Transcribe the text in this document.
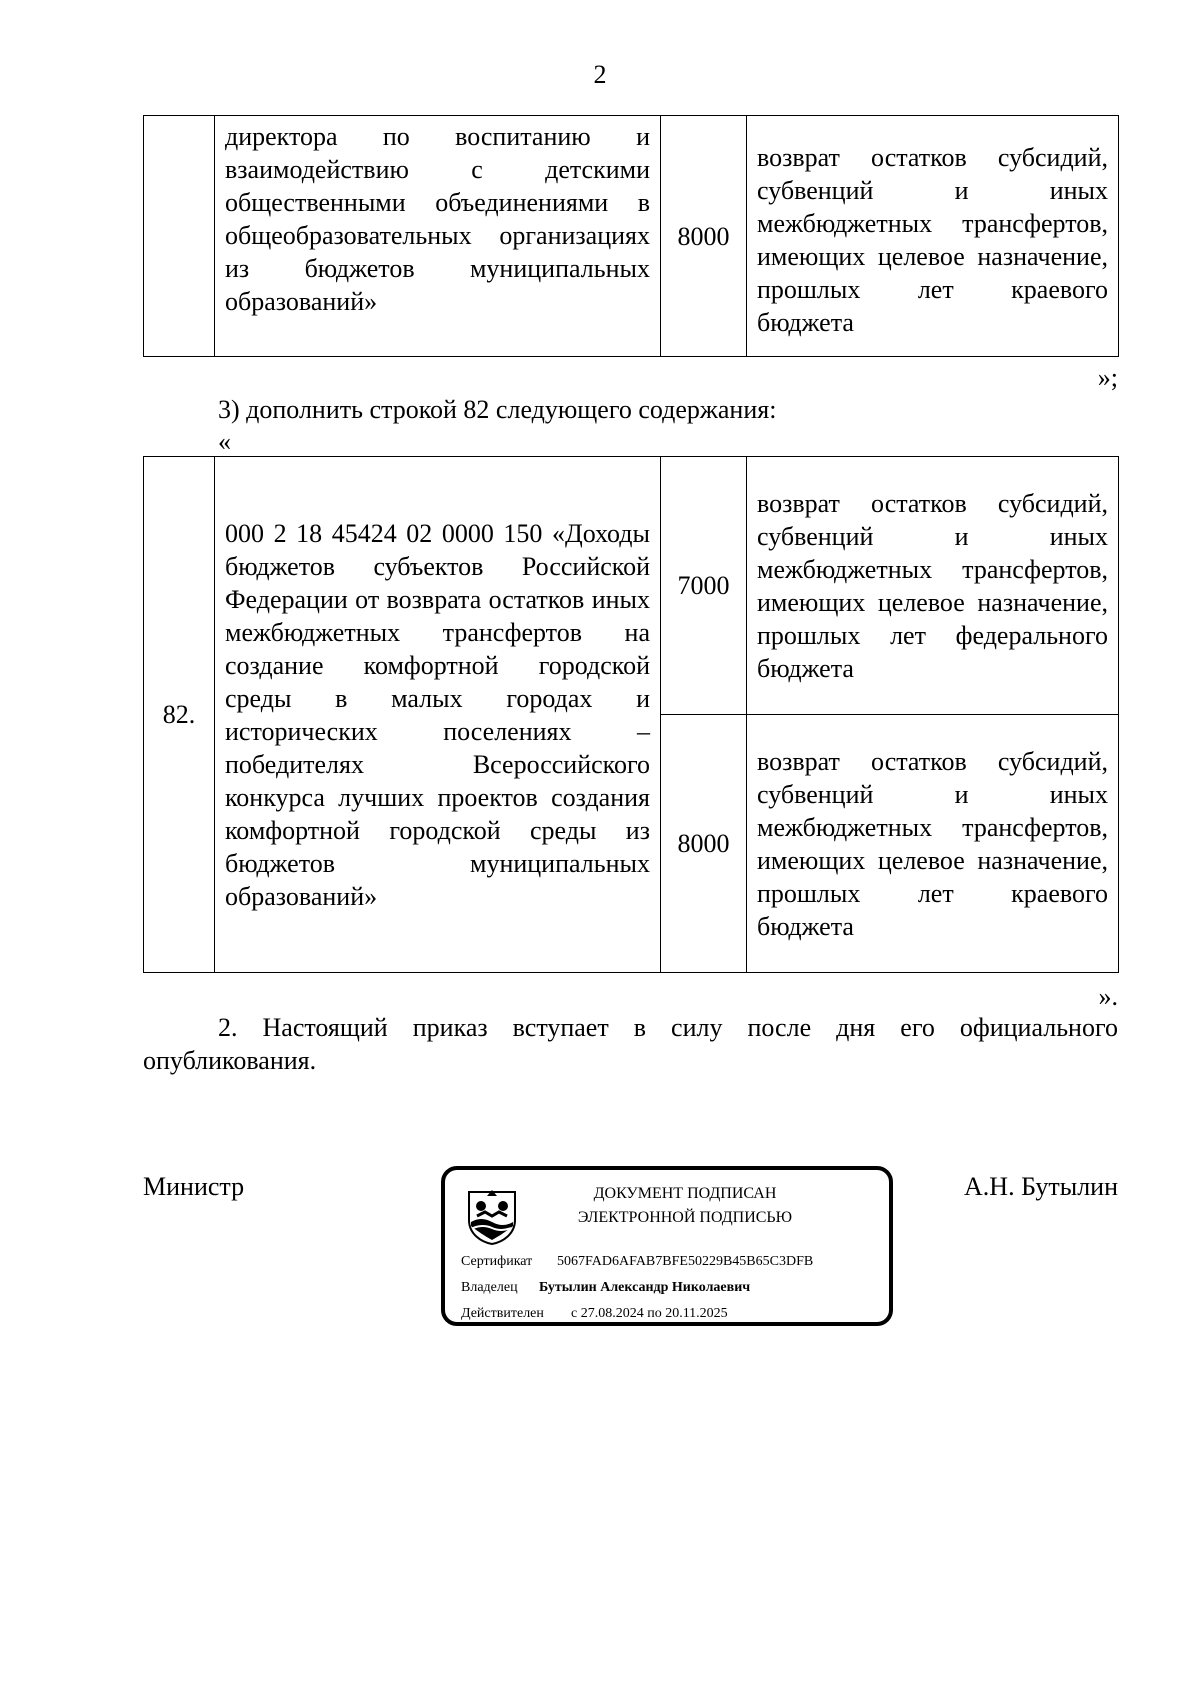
2
	директора по воспитанию и взаимодействию с детскими общественными объединениями в общеобразовательных организациях из бюджетов муниципальных образований»	8000	возврат остатков субсидий, субвенций и иных межбюджетных трансфертов, имеющих целевое назначение, прошлых лет краевого бюджета
»;
3) дополнить строкой 82 следующего содержания:
«
82.	000 2 18 45424 02 0000 150 «Доходы бюджетов субъектов Российской Федерации от возврата остатков иных межбюджетных трансфертов на создание комфортной городской среды в малых городах и исторических поселениях – победителях Всероссийского конкурса лучших проектов создания комфортной городской среды из бюджетов муниципальных образований»	7000	возврат остатков субсидий, субвенций и иных межбюджетных трансфертов, имеющих целевое назначение, прошлых лет федерального бюджета
		8000	возврат остатков субсидий, субвенций и иных межбюджетных трансфертов, имеющих целевое назначение, прошлых лет краевого бюджета
».
2. Настоящий приказ вступает в силу после дня его официального опубликования.
Министр	А.Н. Бутылин
ДОКУМЕНТ ПОДПИСАН
ЭЛЕКТРОННОЙ ПОДПИСЬЮ
Сертификат 5067FAD6AFAB7BFE50229B45B65C3DFB
Владелец Бутылин Александр Николаевич
Действителен с 27.08.2024 по 20.11.2025
